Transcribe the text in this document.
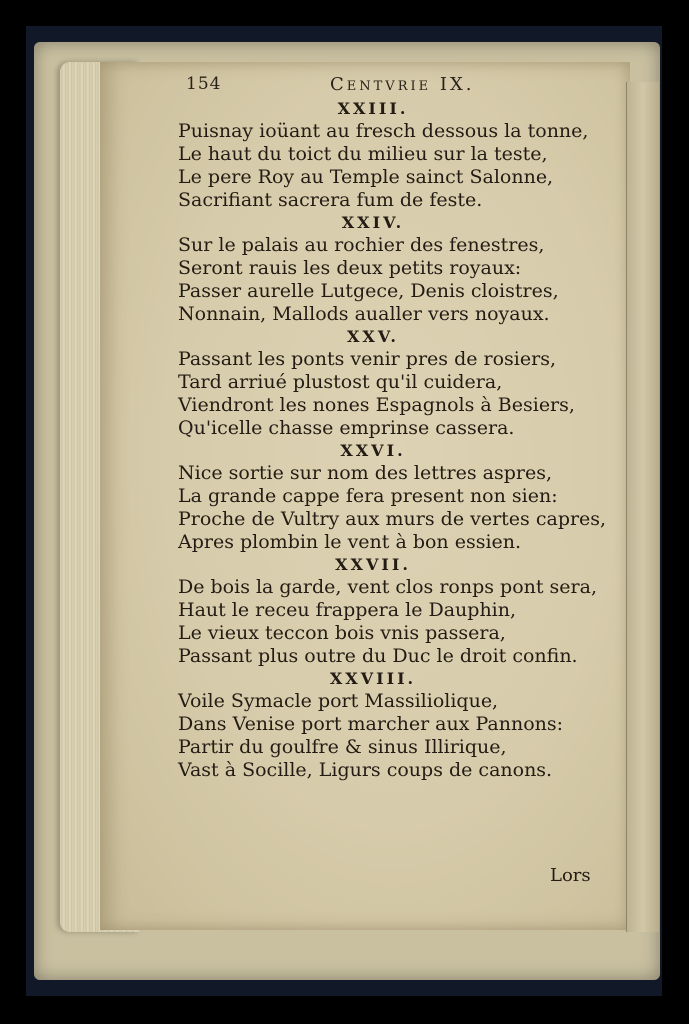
154	Centvrie IX.
XXIII.
Puisnay ioüant au fresch dessous la tonne,
Le haut du toict du milieu sur la teste,
Le pere Roy au Temple sainct Salonne,
Sacrifiant sacrera fum de feste.
XXIV.
Sur le palais au rochier des fenestres,
Seront rauis les deux petits royaux:
Passer aurelle Lutgece, Denis cloistres,
Nonnain, Mallods aualler vers noyaux.
XXV.
Passant les ponts venir pres de rosiers,
Tard arriué plustost qu'il cuidera,
Viendront les nones Espagnols à Besiers,
Qu'icelle chasse emprinse cassera.
XXVI.
Nice sortie sur nom des lettres aspres,
La grande cappe fera present non sien:
Proche de Vultry aux murs de vertes capres,
Apres plombin le vent à bon essien.
XXVII.
De bois la garde, vent clos ronps pont sera,
Haut le receu frappera le Dauphin,
Le vieux teccon bois vnis passera,
Passant plus outre du Duc le droit confin.
XXVIII.
Voile Symacle port Massiliolique,
Dans Venise port marcher aux Pannons:
Partir du goulfre & sinus Illirique,
Vast à Socille, Ligurs coups de canons.
Lors
